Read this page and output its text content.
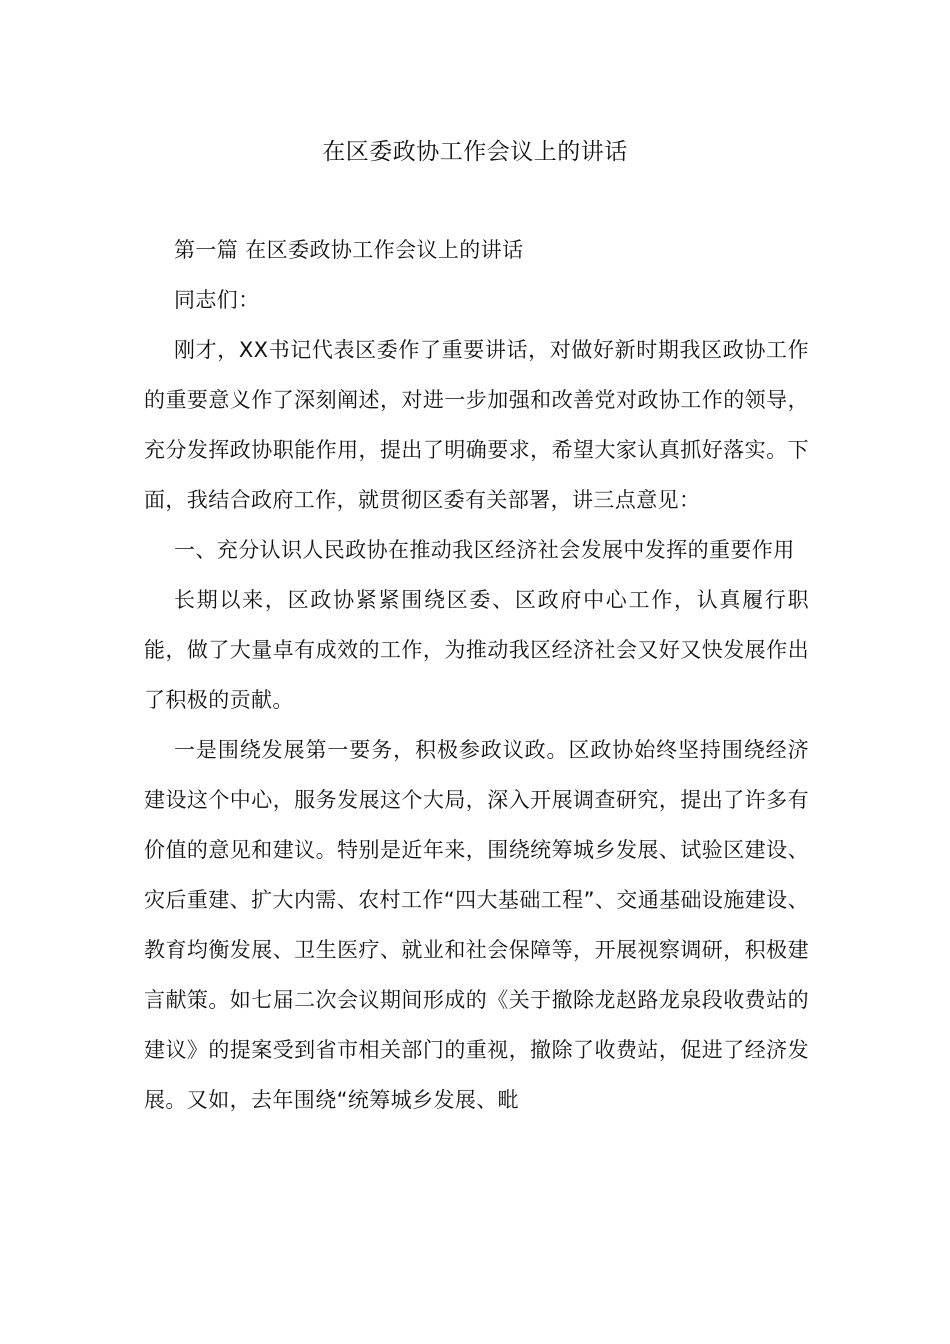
在区委政协工作会议上的讲话

第一篇 在区委政协工作会议上的讲话

同志们：

刚才，XX书记代表区委作了重要讲话，对做好新时期我区政协工作的重要意义作了深刻阐述，对进一步加强和改善党对政协工作的领导，充分发挥政协职能作用，提出了明确要求，希望大家认真抓好落实。下面，我结合政府工作，就贯彻区委有关部署，讲三点意见：

一、充分认识人民政协在推动我区经济社会发展中发挥的重要作用

长期以来，区政协紧紧围绕区委、区政府中心工作，认真履行职能，做了大量卓有成效的工作，为推动我区经济社会又好又快发展作出了积极的贡献。

一是围绕发展第一要务，积极参政议政。区政协始终坚持围绕经济建设这个中心，服务发展这个大局，深入开展调查研究，提出了许多有价值的意见和建议。特别是近年来，围绕统筹城乡发展、试验区建设、灾后重建、扩大内需、农村工作“四大基础工程”、交通基础设施建设、教育均衡发展、卫生医疗、就业和社会保障等，开展视察调研，积极建言献策。如七届二次会议期间形成的《关于撤除龙赵路龙泉段收费站的建议》的提案受到省市相关部门的重视，撤除了收费站，促进了经济发展。又如，去年围绕“统筹城乡发展、毗
